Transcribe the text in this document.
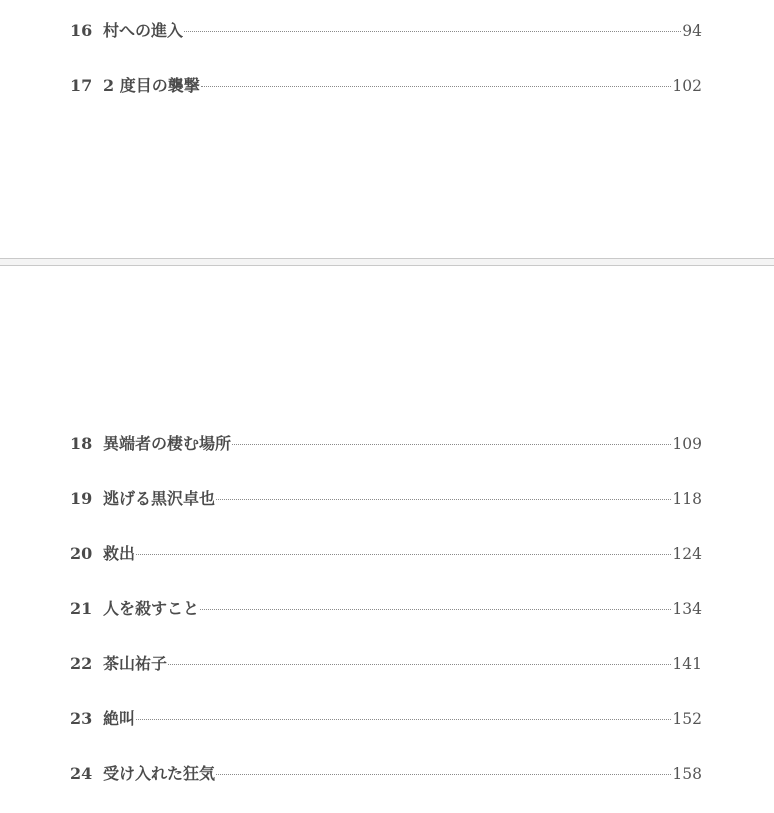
16 村への進入	94
17 2 度目の襲撃	102
18 異端者の棲む場所	109
19 逃げる黒沢卓也	118
20 救出	124
21 人を殺すこと	134
22 茶山祐子	141
23 絶叫	152
24 受け入れた狂気	158
